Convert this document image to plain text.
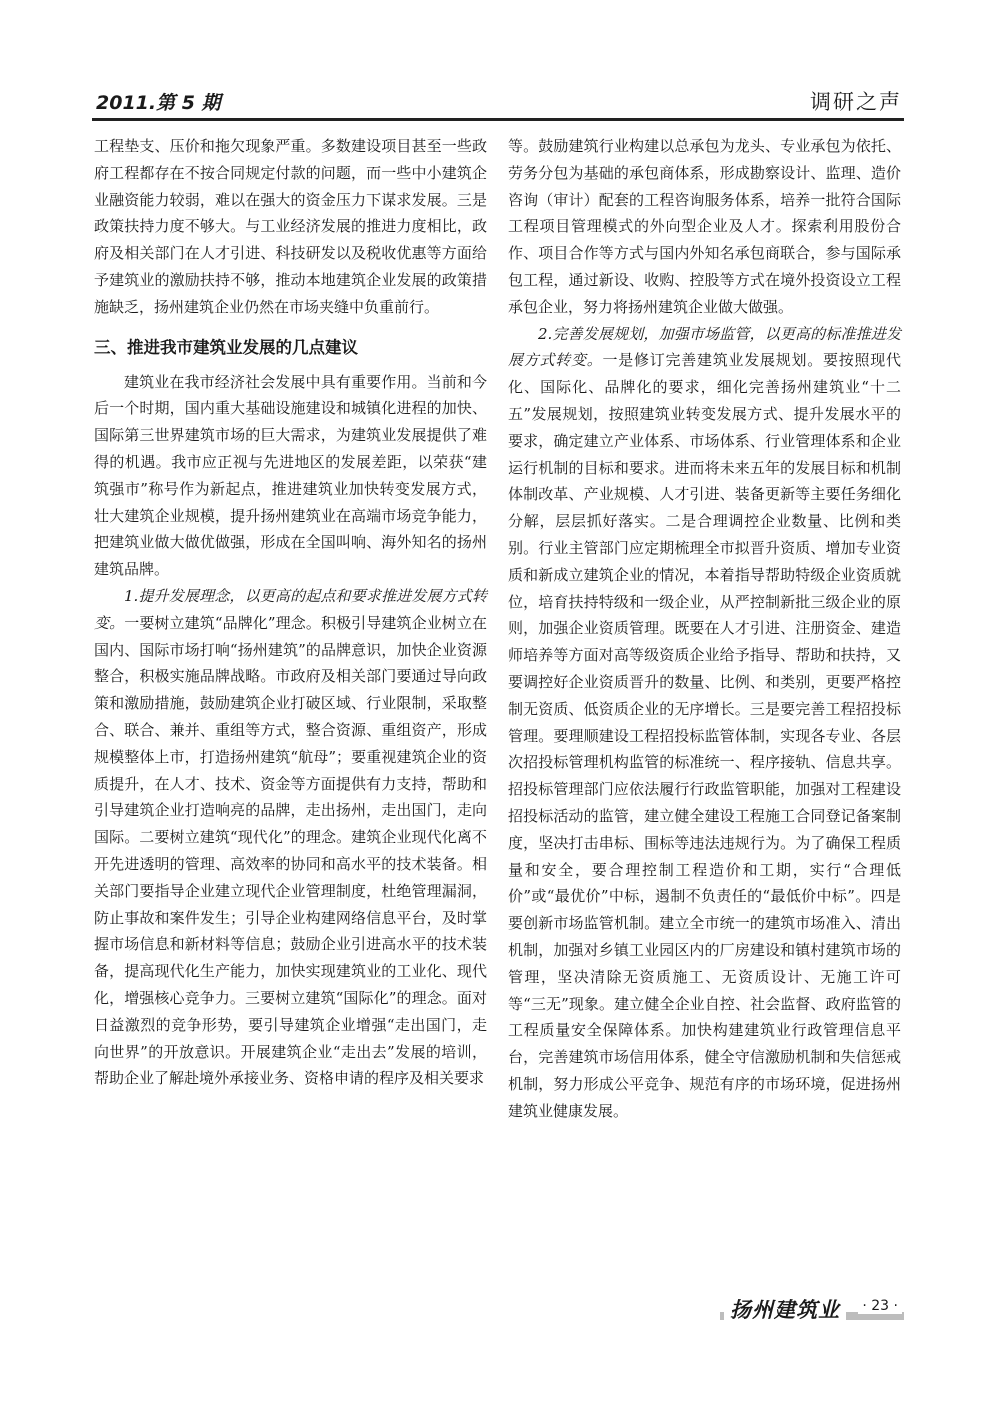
2011.第 5 期	调研之声

工程垫支、压价和拖欠现象严重。多数建设项目甚至一些政府工程都存在不按合同规定付款的问题，而一些中小建筑企业融资能力较弱，难以在强大的资金压力下谋求发展。三是政策扶持力度不够大。与工业经济发展的推进力度相比，政府及相关部门在人才引进、科技研发以及税收优惠等方面给予建筑业的激励扶持不够，推动本地建筑企业发展的政策措施缺乏，扬州建筑企业仍然在市场夹缝中负重前行。

三、推进我市建筑业发展的几点建议

建筑业在我市经济社会发展中具有重要作用。当前和今后一个时期，国内重大基础设施建设和城镇化进程的加快、国际第三世界建筑市场的巨大需求，为建筑业发展提供了难得的机遇。我市应正视与先进地区的发展差距，以荣获“建筑强市”称号作为新起点，推进建筑业加快转变发展方式，壮大建筑企业规模，提升扬州建筑业在高端市场竞争能力，把建筑业做大做优做强，形成在全国叫响、海外知名的扬州建筑品牌。

1.提升发展理念，以更高的起点和要求推进发展方式转变。一要树立建筑“品牌化”理念。积极引导建筑企业树立在国内、国际市场打响“扬州建筑”的品牌意识，加快企业资源整合，积极实施品牌战略。市政府及相关部门要通过导向政策和激励措施，鼓励建筑企业打破区域、行业限制，采取整合、联合、兼并、重组等方式，整合资源、重组资产，形成规模整体上市，打造扬州建筑“航母”；要重视建筑企业的资质提升，在人才、技术、资金等方面提供有力支持，帮助和引导建筑企业打造响亮的品牌，走出扬州，走出国门，走向国际。二要树立建筑“现代化”的理念。建筑企业现代化离不开先进透明的管理、高效率的协同和高水平的技术装备。相关部门要指导企业建立现代企业管理制度，杜绝管理漏洞，防止事故和案件发生；引导企业构建网络信息平台，及时掌握市场信息和新材料等信息；鼓励企业引进高水平的技术装备，提高现代化生产能力，加快实现建筑业的工业化、现代化，增强核心竞争力。三要树立建筑“国际化”的理念。面对日益激烈的竞争形势，要引导建筑企业增强“走出国门，走向世界”的开放意识。开展建筑企业“走出去”发展的培训，帮助企业了解赴境外承接业务、资格申请的程序及相关要求

等。鼓励建筑行业构建以总承包为龙头、专业承包为依托、劳务分包为基础的承包商体系，形成勘察设计、监理、造价咨询（审计）配套的工程咨询服务体系，培养一批符合国际工程项目管理模式的外向型企业及人才。探索利用股份合作、项目合作等方式与国内外知名承包商联合，参与国际承包工程，通过新设、收购、控股等方式在境外投资设立工程承包企业，努力将扬州建筑企业做大做强。

2.完善发展规划，加强市场监管，以更高的标准推进发展方式转变。一是修订完善建筑业发展规划。要按照现代化、国际化、品牌化的要求，细化完善扬州建筑业“十二五”发展规划，按照建筑业转变发展方式、提升发展水平的要求，确定建立产业体系、市场体系、行业管理体系和企业运行机制的目标和要求。进而将未来五年的发展目标和机制体制改革、产业规模、人才引进、装备更新等主要任务细化分解，层层抓好落实。二是合理调控企业数量、比例和类别。行业主管部门应定期梳理全市拟晋升资质、增加专业资质和新成立建筑企业的情况，本着指导帮助特级企业资质就位，培育扶持特级和一级企业，从严控制新批三级企业的原则，加强企业资质管理。既要在人才引进、注册资金、建造师培养等方面对高等级资质企业给予指导、帮助和扶持，又要调控好企业资质晋升的数量、比例、和类别，更要严格控制无资质、低资质企业的无序增长。三是要完善工程招投标管理。要理顺建设工程招投标监管体制，实现各专业、各层次招投标管理机构监管的标准统一、程序接轨、信息共享。招投标管理部门应依法履行行政监管职能，加强对工程建设招投标活动的监管，建立健全建设工程施工合同登记备案制度，坚决打击串标、围标等违法违规行为。为了确保工程质量和安全，要合理控制工程造价和工期，实行“合理低价”或“最优价”中标，遏制不负责任的“最低价中标”。四是要创新市场监管机制。建立全市统一的建筑市场准入、清出机制，加强对乡镇工业园区内的厂房建设和镇村建筑市场的管理，坚决清除无资质施工、无资质设计、无施工许可等“三无”现象。建立健全企业自控、社会监督、政府监管的工程质量安全保障体系。加快构建建筑业行政管理信息平台，完善建筑市场信用体系，健全守信激励机制和失信惩戒机制，努力形成公平竞争、规范有序的市场环境，促进扬州建筑业健康发展。

扬州建筑业	· 23 ·
